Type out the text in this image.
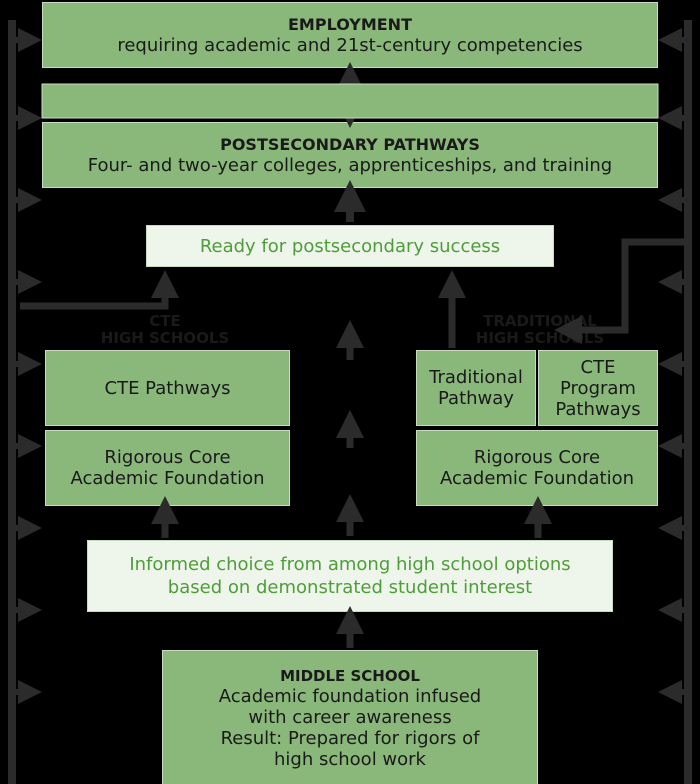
EMPLOYMENT
requiring academic and 21st-century competencies
POSTSECONDARY PATHWAYS
Four- and two-year colleges, apprenticeships, and training
Ready for postsecondary success
CTE
HIGH SCHOOLS
TRADITIONAL
HIGH SCHOOLS
CTE Pathways
Rigorous Core
Academic Foundation
Traditional
Pathway
CTE
Program
Pathways
Rigorous Core
Academic Foundation
Informed choice from among high school options
based on demonstrated student interest
MIDDLE SCHOOL
Academic foundation infused
with career awareness
Result: Prepared for rigors of
high school work
